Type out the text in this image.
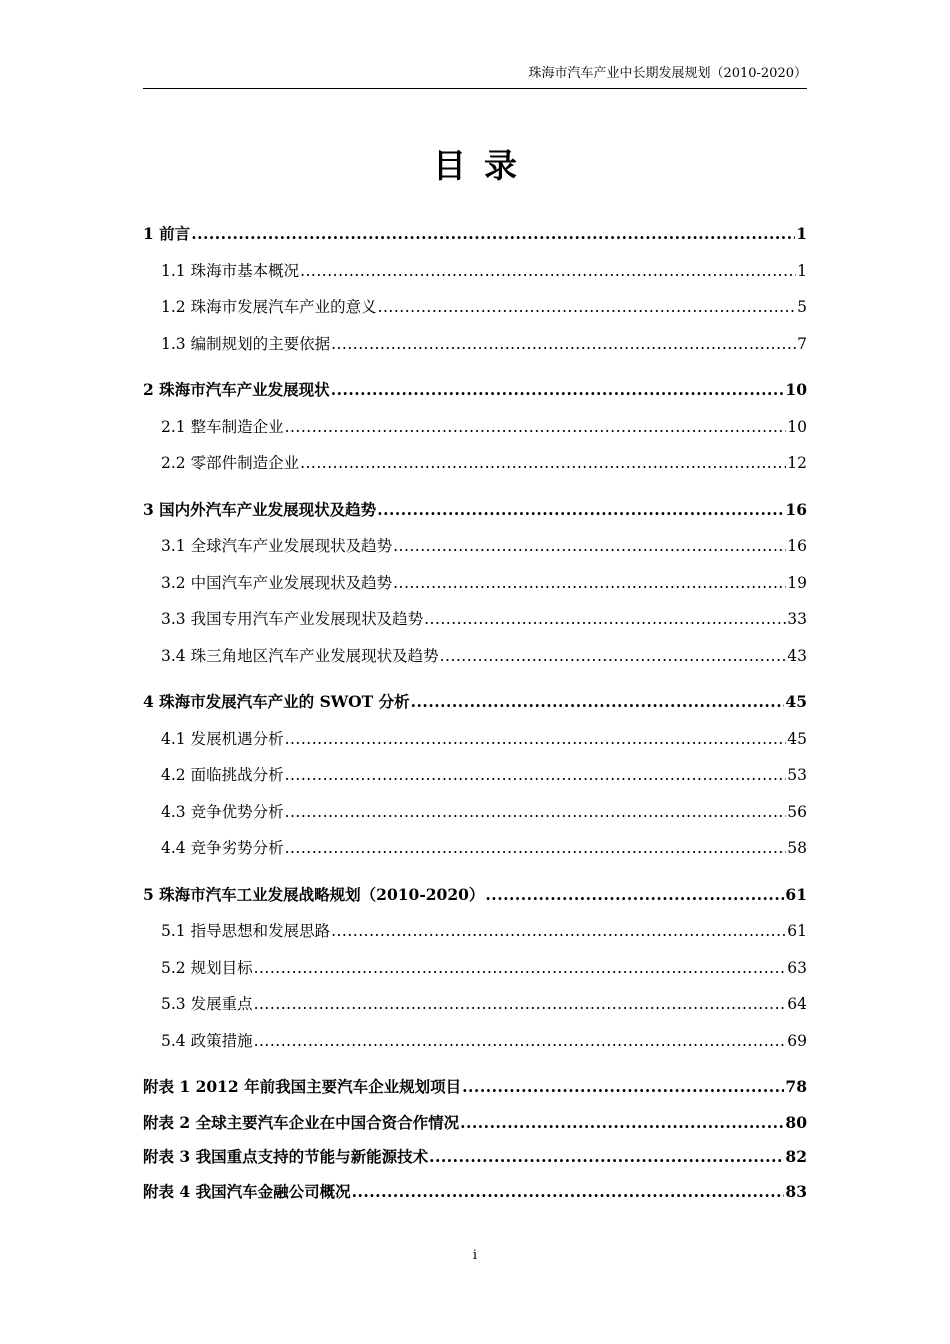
珠海市汽车产业中长期发展规划（2010-2020）
目录
1 前言 .....	1
1.1 珠海市基本概况 .....	1
1.2 珠海市发展汽车产业的意义 .....	5
1.3 编制规划的主要依据 .....	7
2 珠海市汽车产业发展现状 .....	10
2.1 整车制造企业 .....	10
2.2 零部件制造企业 .....	12
3 国内外汽车产业发展现状及趋势 .....	16
3.1 全球汽车产业发展现状及趋势 .....	16
3.2 中国汽车产业发展现状及趋势 .....	19
3.3 我国专用汽车产业发展现状及趋势 .....	33
3.4 珠三角地区汽车产业发展现状及趋势 .....	43
4 珠海市发展汽车产业的 SWOT 分析 .....	45
4.1 发展机遇分析 .....	45
4.2 面临挑战分析 .....	53
4.3 竞争优势分析 .....	56
4.4 竞争劣势分析 .....	58
5 珠海市汽车工业发展战略规划（2010-2020） .....	61
5.1 指导思想和发展思路 .....	61
5.2 规划目标 .....	63
5.3 发展重点 .....	64
5.4 政策措施 .....	69
附表 1 2012 年前我国主要汽车企业规划项目 .....	78
附表 2 全球主要汽车企业在中国合资合作情况 .....	80
附表 3 我国重点支持的节能与新能源技术 .....	82
附表 4 我国汽车金融公司概况 .....	83
i
